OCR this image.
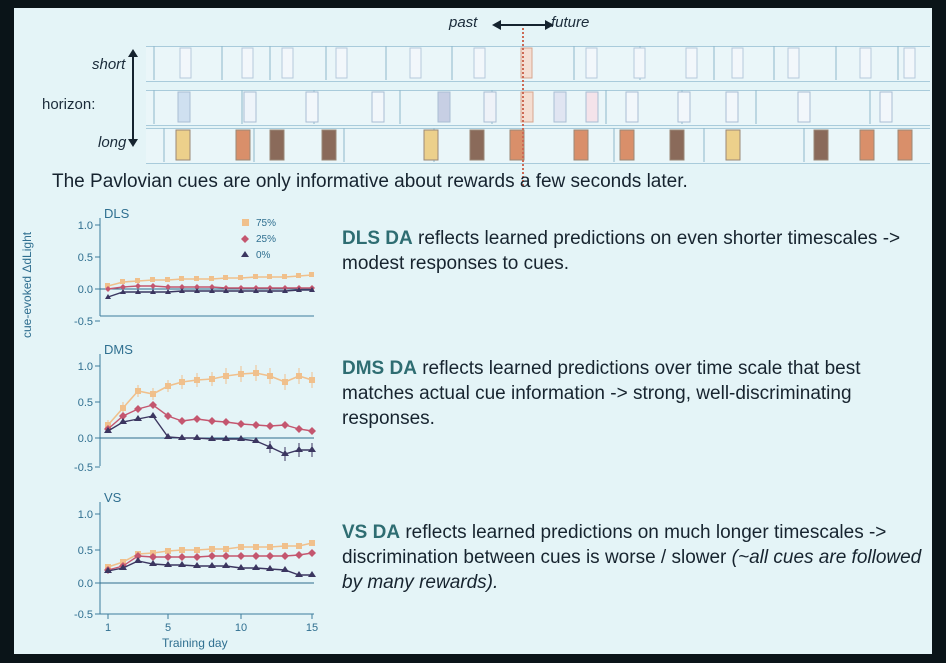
past	future
short
long
horizon:
The Pavlovian cues are only informative about rewards a few seconds later.
cue-evoked ΔdLight
Training day
DLS
1.0
0.5
0.0
-0.5
75%
25%
0%
DMS
1.0
0.5
0.0
-0.5
VS
1.0
0.5
0.0
-0.5
1	5	10	15
DLS DA reflects learned predictions on even shorter timescales -> modest responses to cues.
DMS DA reflects learned predictions over time scale that best matches actual cue information -> strong, well-discriminating responses.
VS DA reflects learned predictions on much longer timescales -> discrimination between cues is worse / slower (~all cues are followed by many rewards).
